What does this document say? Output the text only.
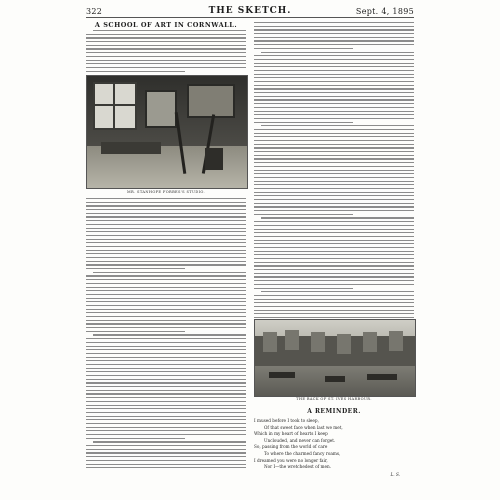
322	THE SKETCH.	Sept. 4, 1895
A SCHOOL OF ART IN CORNWALL.
MR. STANHOPE FORBES'S STUDIO.
THE BACK OF ST. IVES HARBOUR.
A REMINDER.
I mused before I took to sleep,
Of that sweet face when last we met,
Which in my heart of hearts I keep
Unclouded, and never can forget.
So, passing from the world of care
To where the charmed fancy roams,
I dreamed you were no longer fair,
Nor I—the wretchedest of men.
L. S.
